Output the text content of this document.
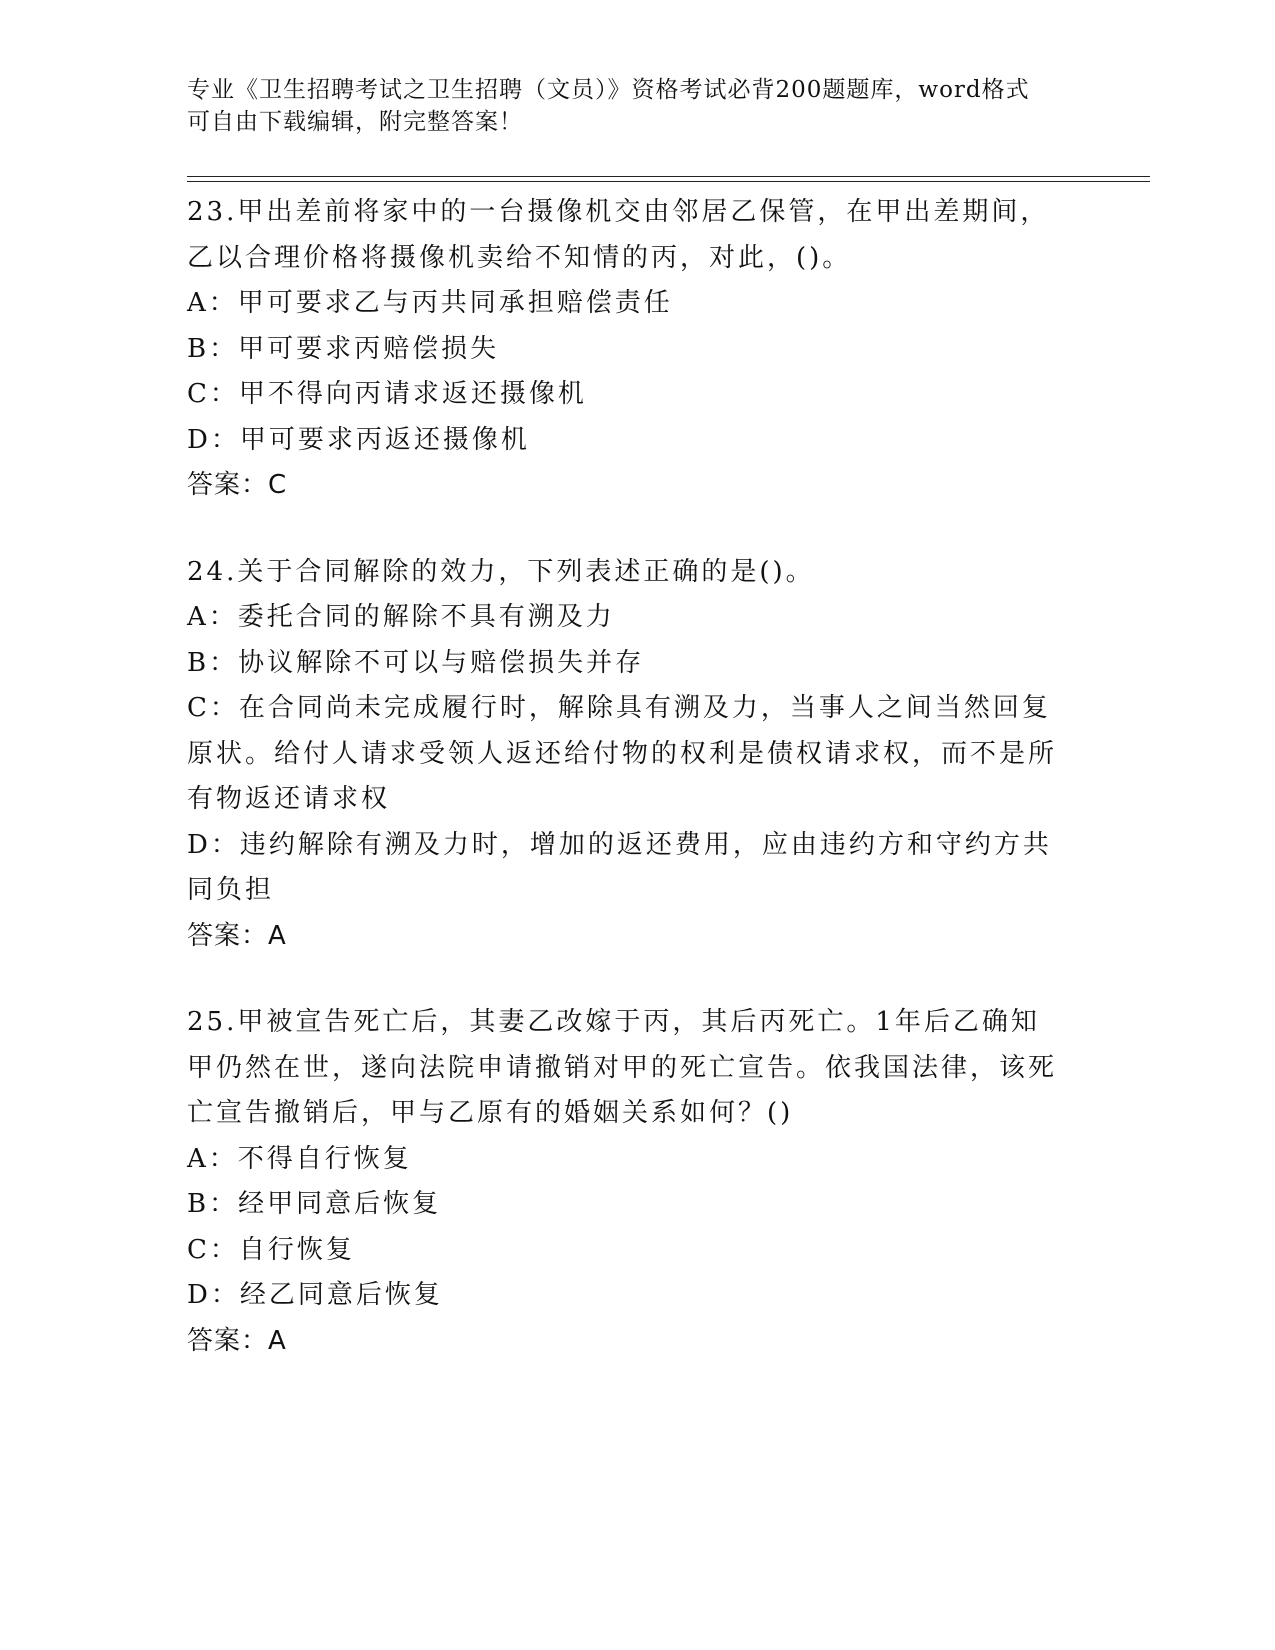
专业《卫生招聘考试之卫生招聘（文员）》资格考试必背200题题库，word格式
可自由下载编辑，附完整答案！

23.甲出差前将家中的一台摄像机交由邻居乙保管，在甲出差期间，乙以合理价格将摄像机卖给不知情的丙，对此，()。

A：甲可要求乙与丙共同承担赔偿责任

B：甲可要求丙赔偿损失

C：甲不得向丙请求返还摄像机

D：甲可要求丙返还摄像机

答案：C

24.关于合同解除的效力，下列表述正确的是()。

A：委托合同的解除不具有溯及力

B：协议解除不可以与赔偿损失并存

C：在合同尚未完成履行时，解除具有溯及力，当事人之间当然回复原状。给付人请求受领人返还给付物的权利是债权请求权，而不是所有物返还请求权

D：违约解除有溯及力时，增加的返还费用，应由违约方和守约方共同负担

答案：A

25.甲被宣告死亡后，其妻乙改嫁于丙，其后丙死亡。1年后乙确知甲仍然在世，遂向法院申请撤销对甲的死亡宣告。依我国法律，该死亡宣告撤销后，甲与乙原有的婚姻关系如何？()

A：不得自行恢复

B：经甲同意后恢复

C：自行恢复

D：经乙同意后恢复

答案：A
